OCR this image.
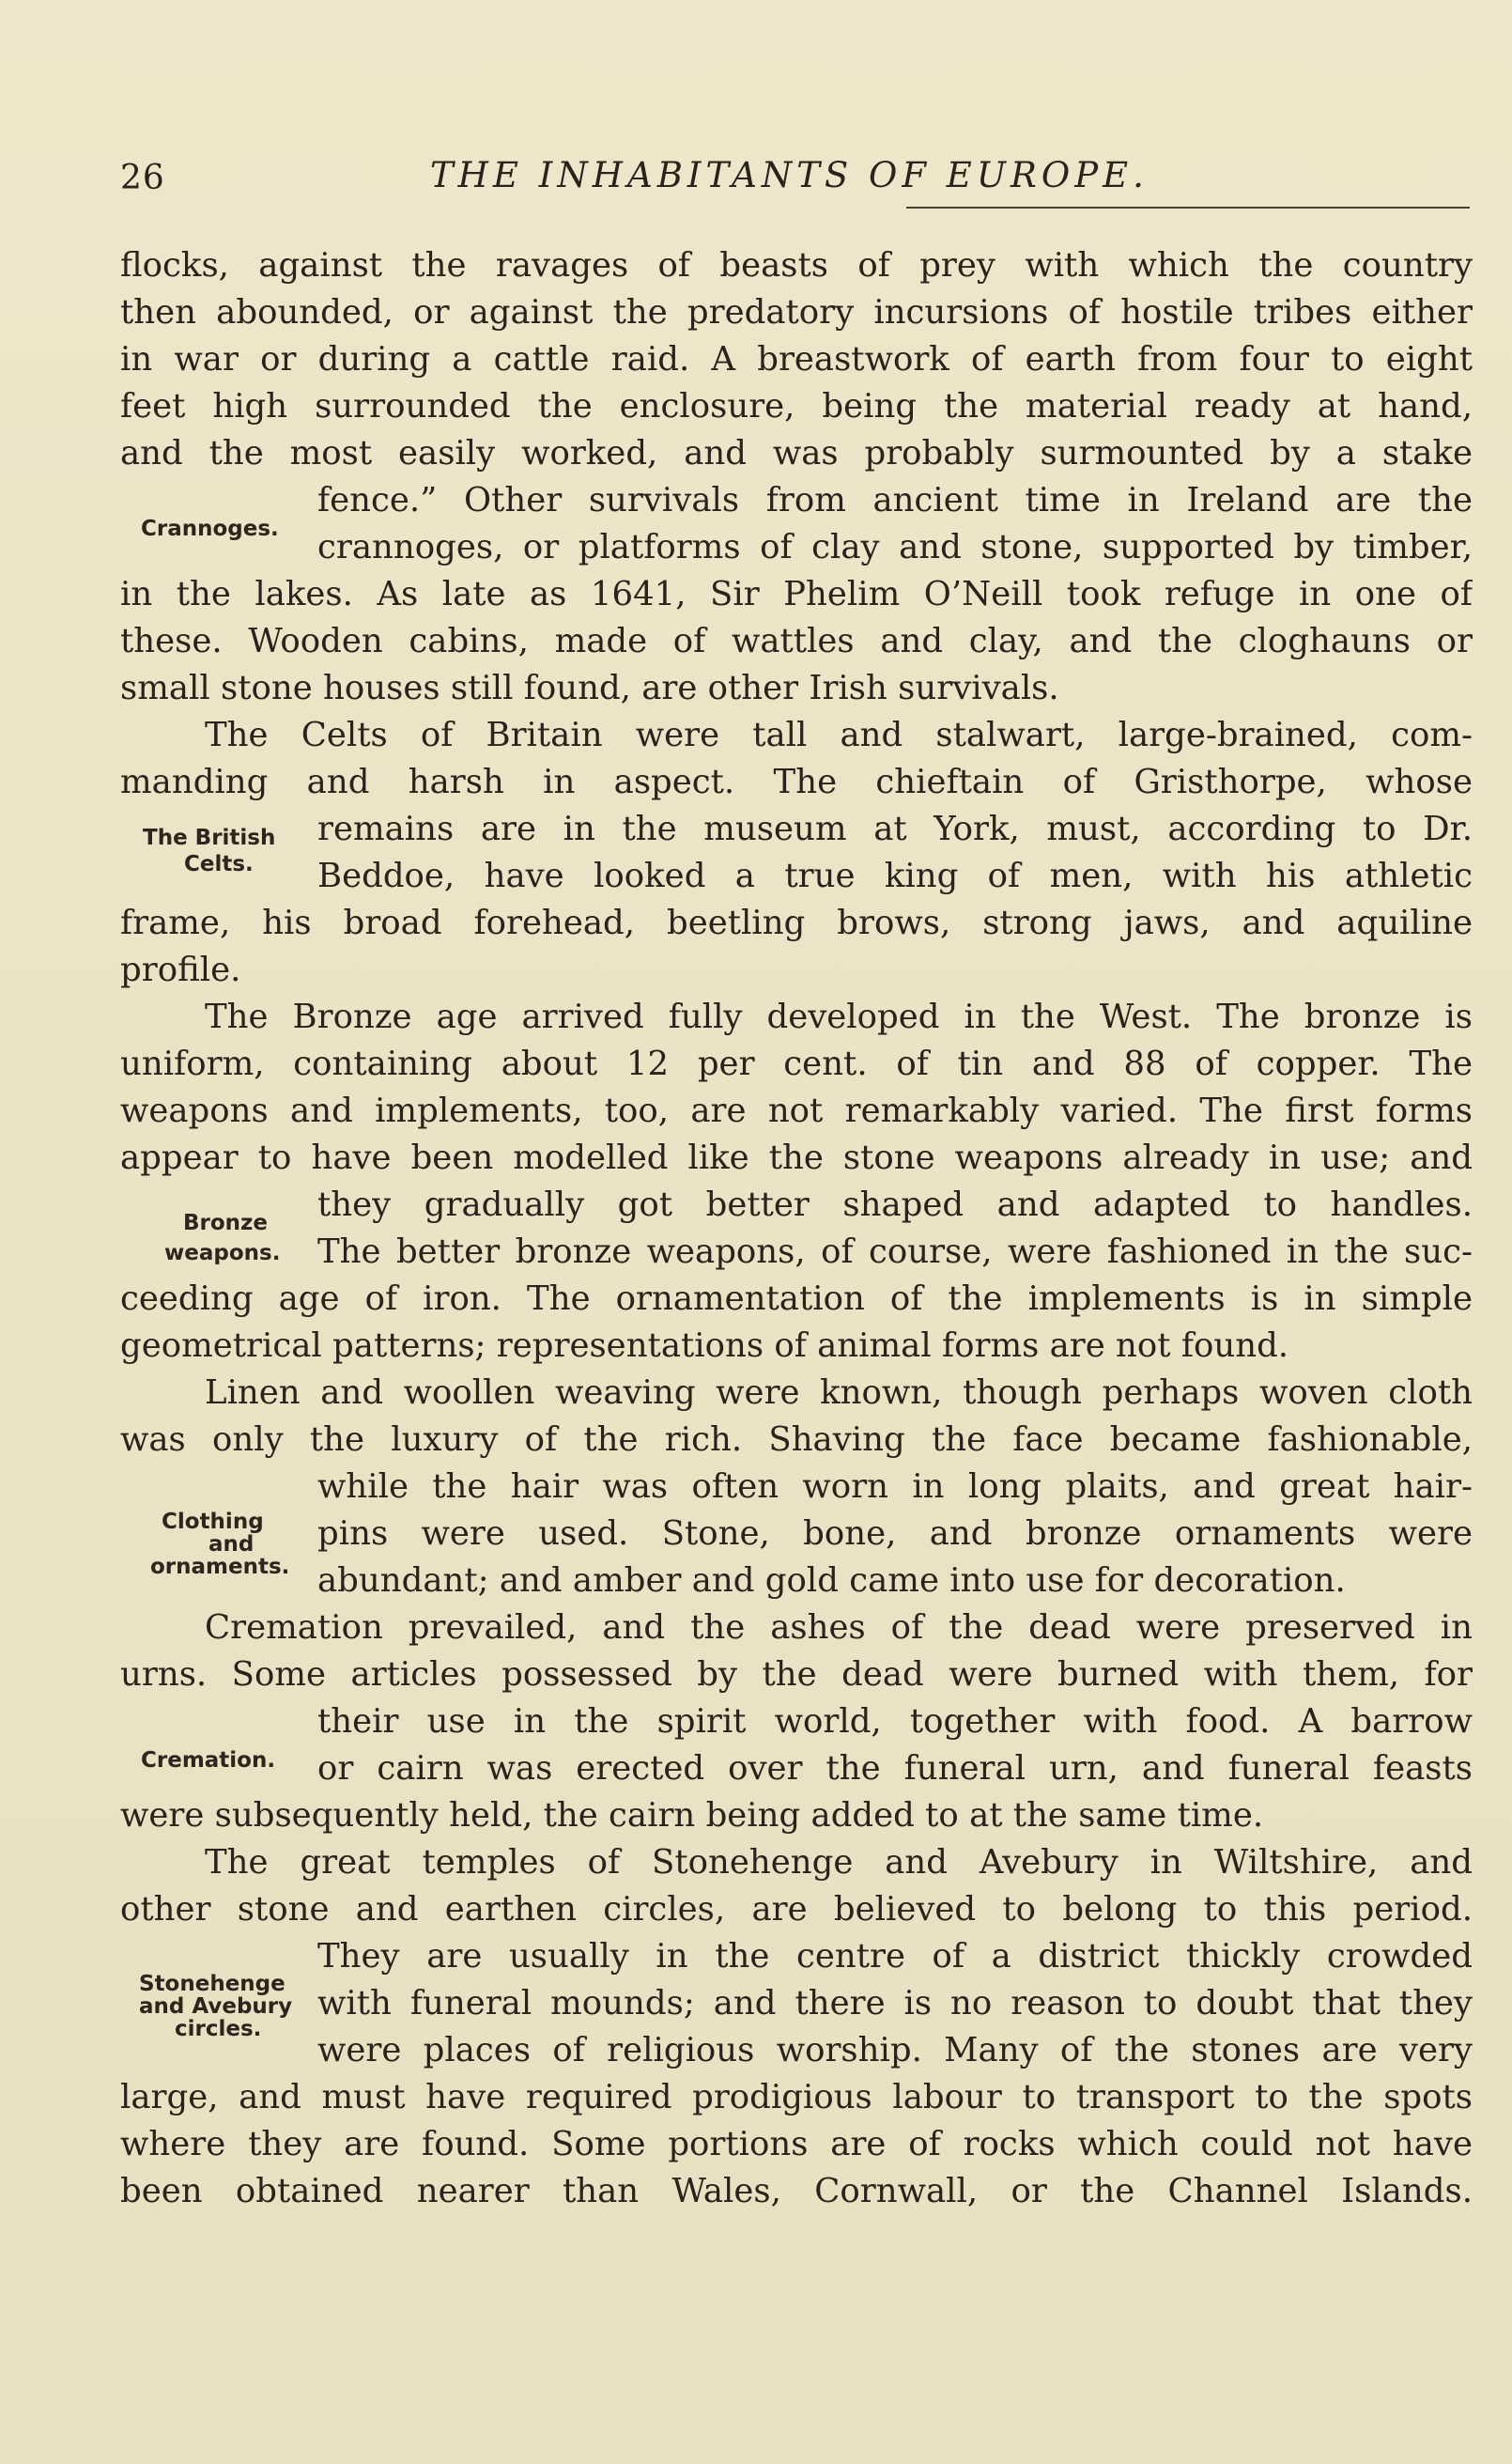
26	THE INHABITANTS OF EUROPE.
Crannoges.
The British
Celts.
Bronze
weapons.
Clothing
and
ornaments.
Cremation.
Stonehenge
and Avebury
circles.
flocks, against the ravages of beasts of prey with which the country
then abounded, or against the predatory incursions of hostile tribes either
in war or during a cattle raid. A breastwork of earth from four to eight
feet high surrounded the enclosure, being the material ready at hand,
and the most easily worked, and was probably surmounted by a stake
fence.” Other survivals from ancient time in Ireland are the
crannoges, or platforms of clay and stone, supported by timber,
in the lakes. As late as 1641, Sir Phelim O’Neill took refuge in one of
these. Wooden cabins, made of wattles and clay, and the cloghauns or
small stone houses still found, are other Irish survivals.
The Celts of Britain were tall and stalwart, large-brained, com-
manding and harsh in aspect. The chieftain of Gristhorpe, whose
remains are in the museum at York, must, according to Dr.
Beddoe, have looked a true king of men, with his athletic
frame, his broad forehead, beetling brows, strong jaws, and aquiline
profile.
The Bronze age arrived fully developed in the West. The bronze is
uniform, containing about 12 per cent. of tin and 88 of copper. The
weapons and implements, too, are not remarkably varied. The first forms
appear to have been modelled like the stone weapons already in use; and
they gradually got better shaped and adapted to handles.
The better bronze weapons, of course, were fashioned in the suc-
ceeding age of iron. The ornamentation of the implements is in simple
geometrical patterns; representations of animal forms are not found.
Linen and woollen weaving were known, though perhaps woven cloth
was only the luxury of the rich. Shaving the face became fashionable,
while the hair was often worn in long plaits, and great hair-
pins were used. Stone, bone, and bronze ornaments were
abundant; and amber and gold came into use for decoration.
Cremation prevailed, and the ashes of the dead were preserved in
urns. Some articles possessed by the dead were burned with them, for
their use in the spirit world, together with food. A barrow
or cairn was erected over the funeral urn, and funeral feasts
were subsequently held, the cairn being added to at the same time.
The great temples of Stonehenge and Avebury in Wiltshire, and
other stone and earthen circles, are believed to belong to this period.
They are usually in the centre of a district thickly crowded
with funeral mounds; and there is no reason to doubt that they
were places of religious worship. Many of the stones are very
large, and must have required prodigious labour to transport to the spots
where they are found. Some portions are of rocks which could not have
been obtained nearer than Wales, Cornwall, or the Channel Islands.
